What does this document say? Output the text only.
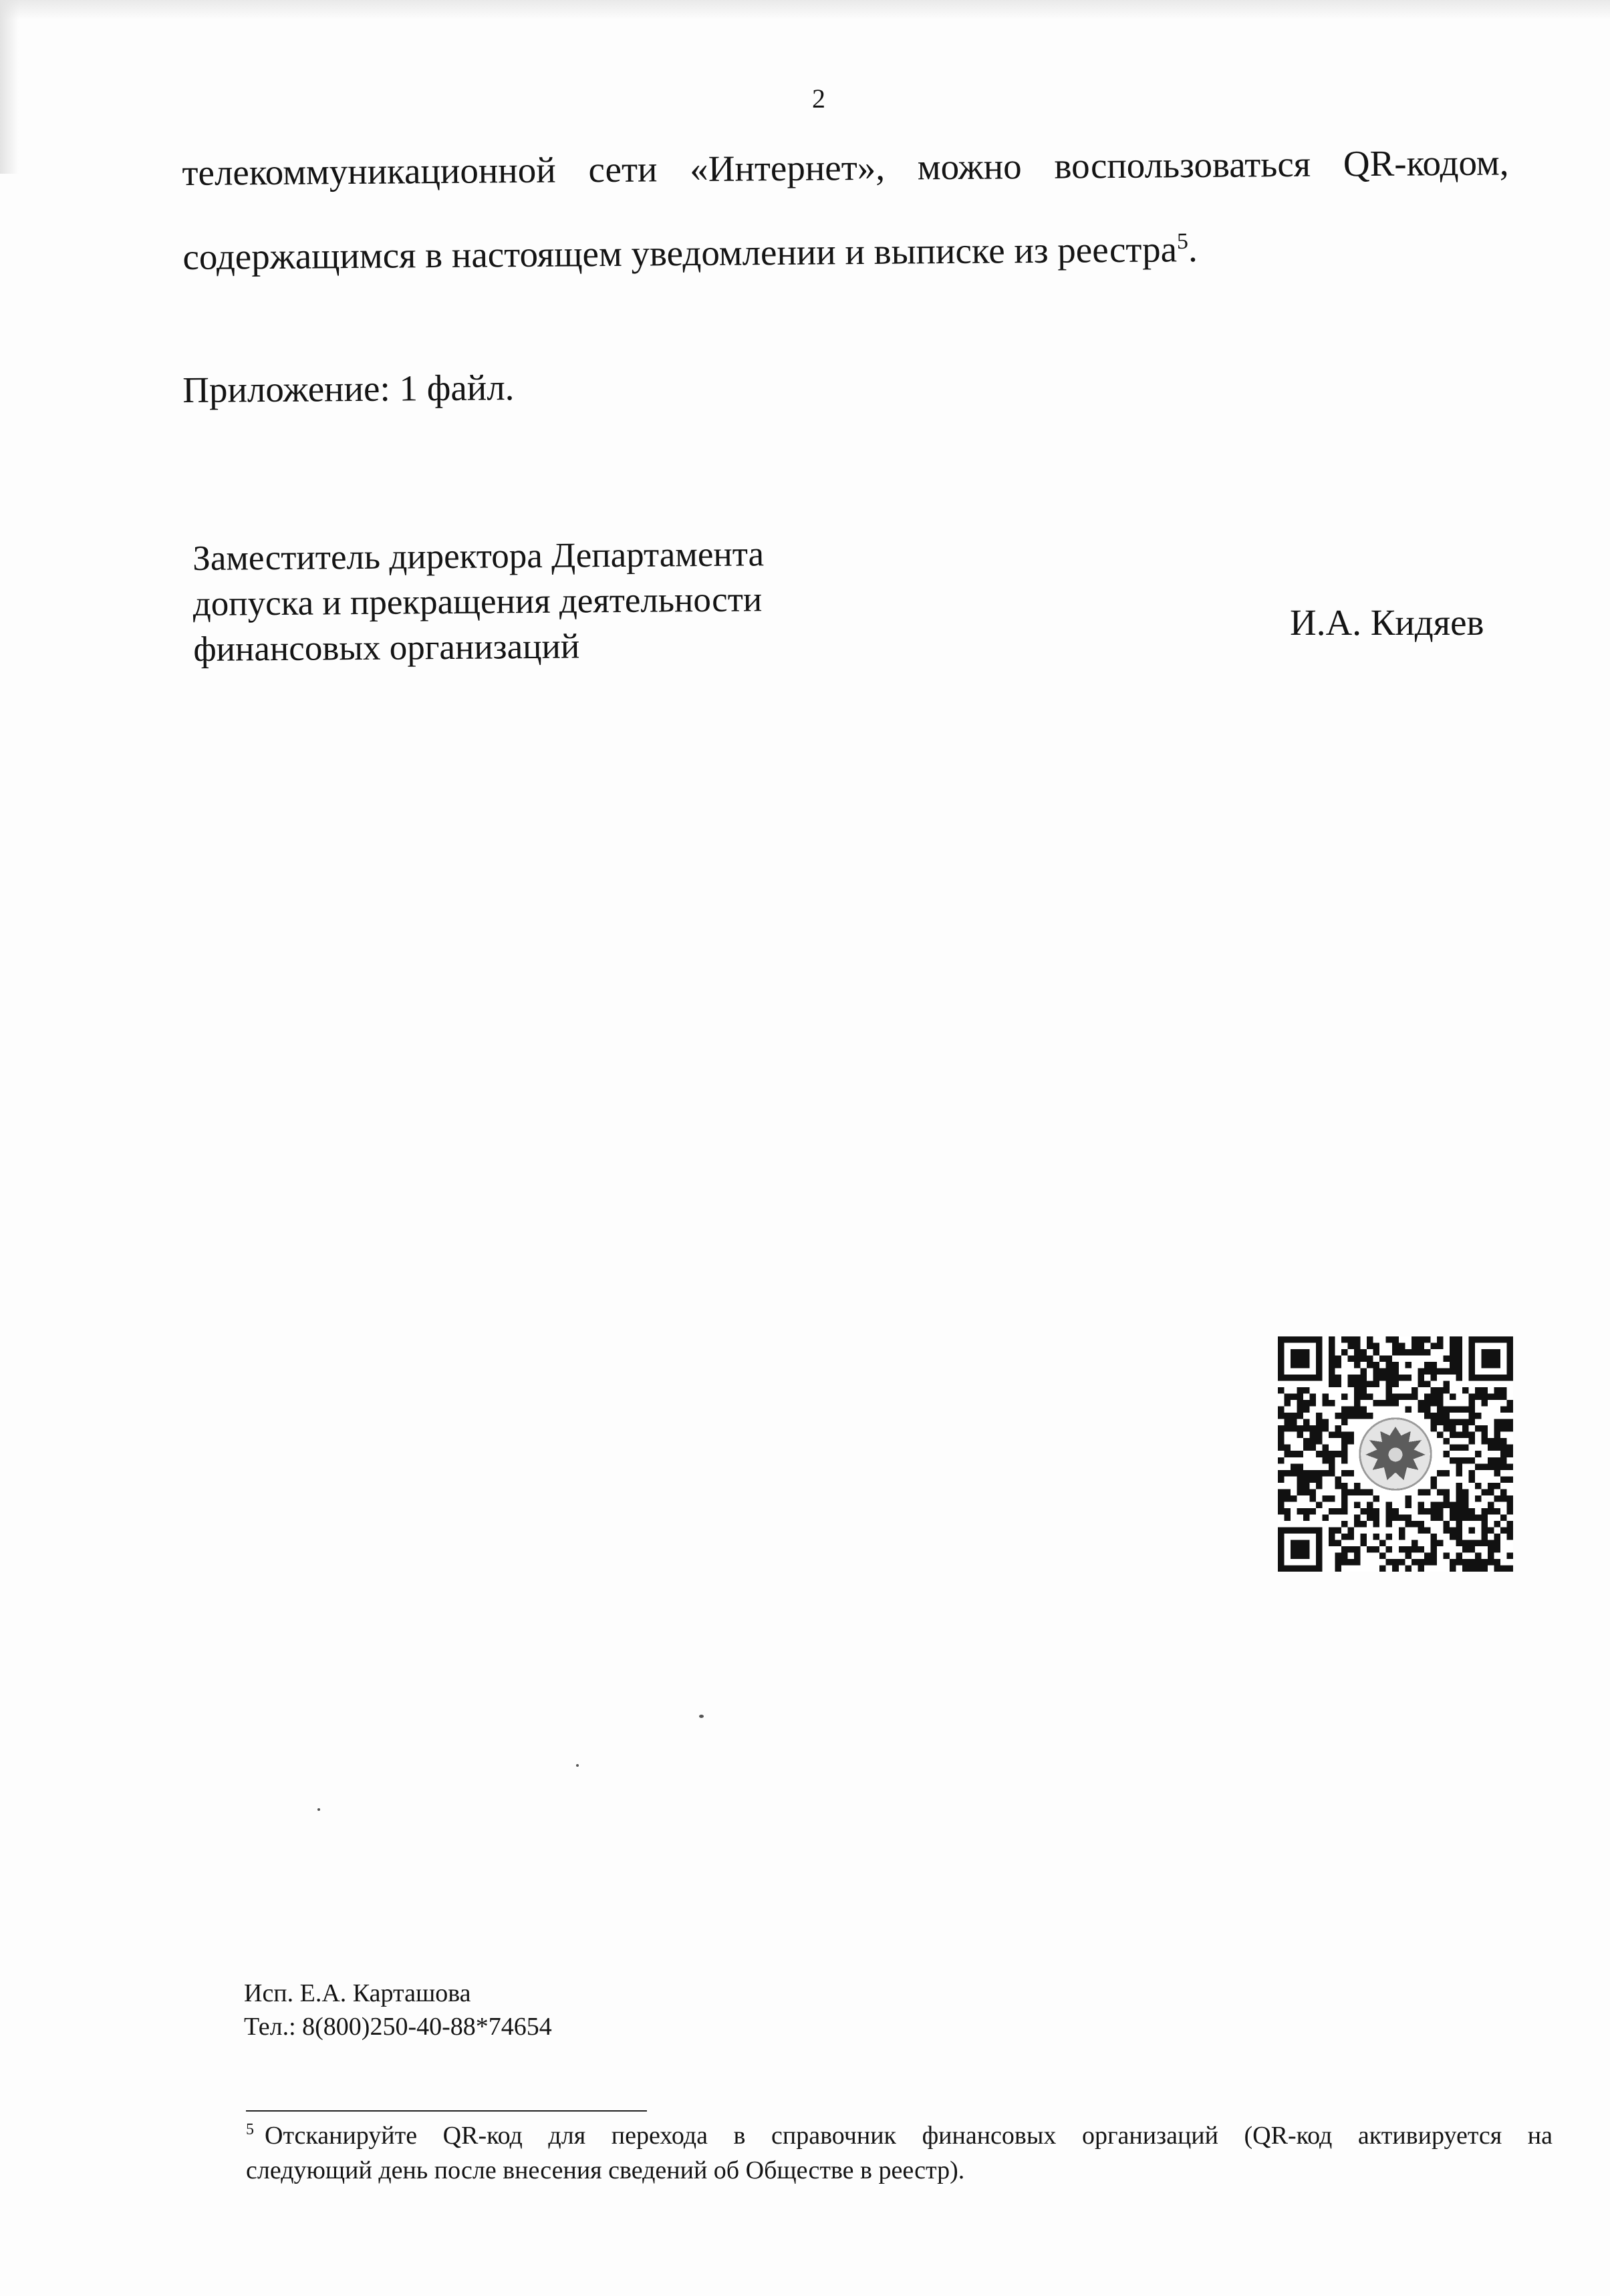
2
телекоммуникационной сети «Интернет», можно воспользоваться QR-кодом,
содержащимся в настоящем уведомлении и выписке из реестра$^5$.
Приложение: 1 файл.
Заместитель директора Департамента
допуска и прекращения деятельности
финансовых организаций
И.А. Кидяев
Исп. Е.А. Карташова
Тел.: 8(800)250-40-88*74654
$^5$ Отсканируйте QR-код для перехода в справочник финансовых организаций (QR-код активируется на
следующий день после внесения сведений об Обществе в реестр).
